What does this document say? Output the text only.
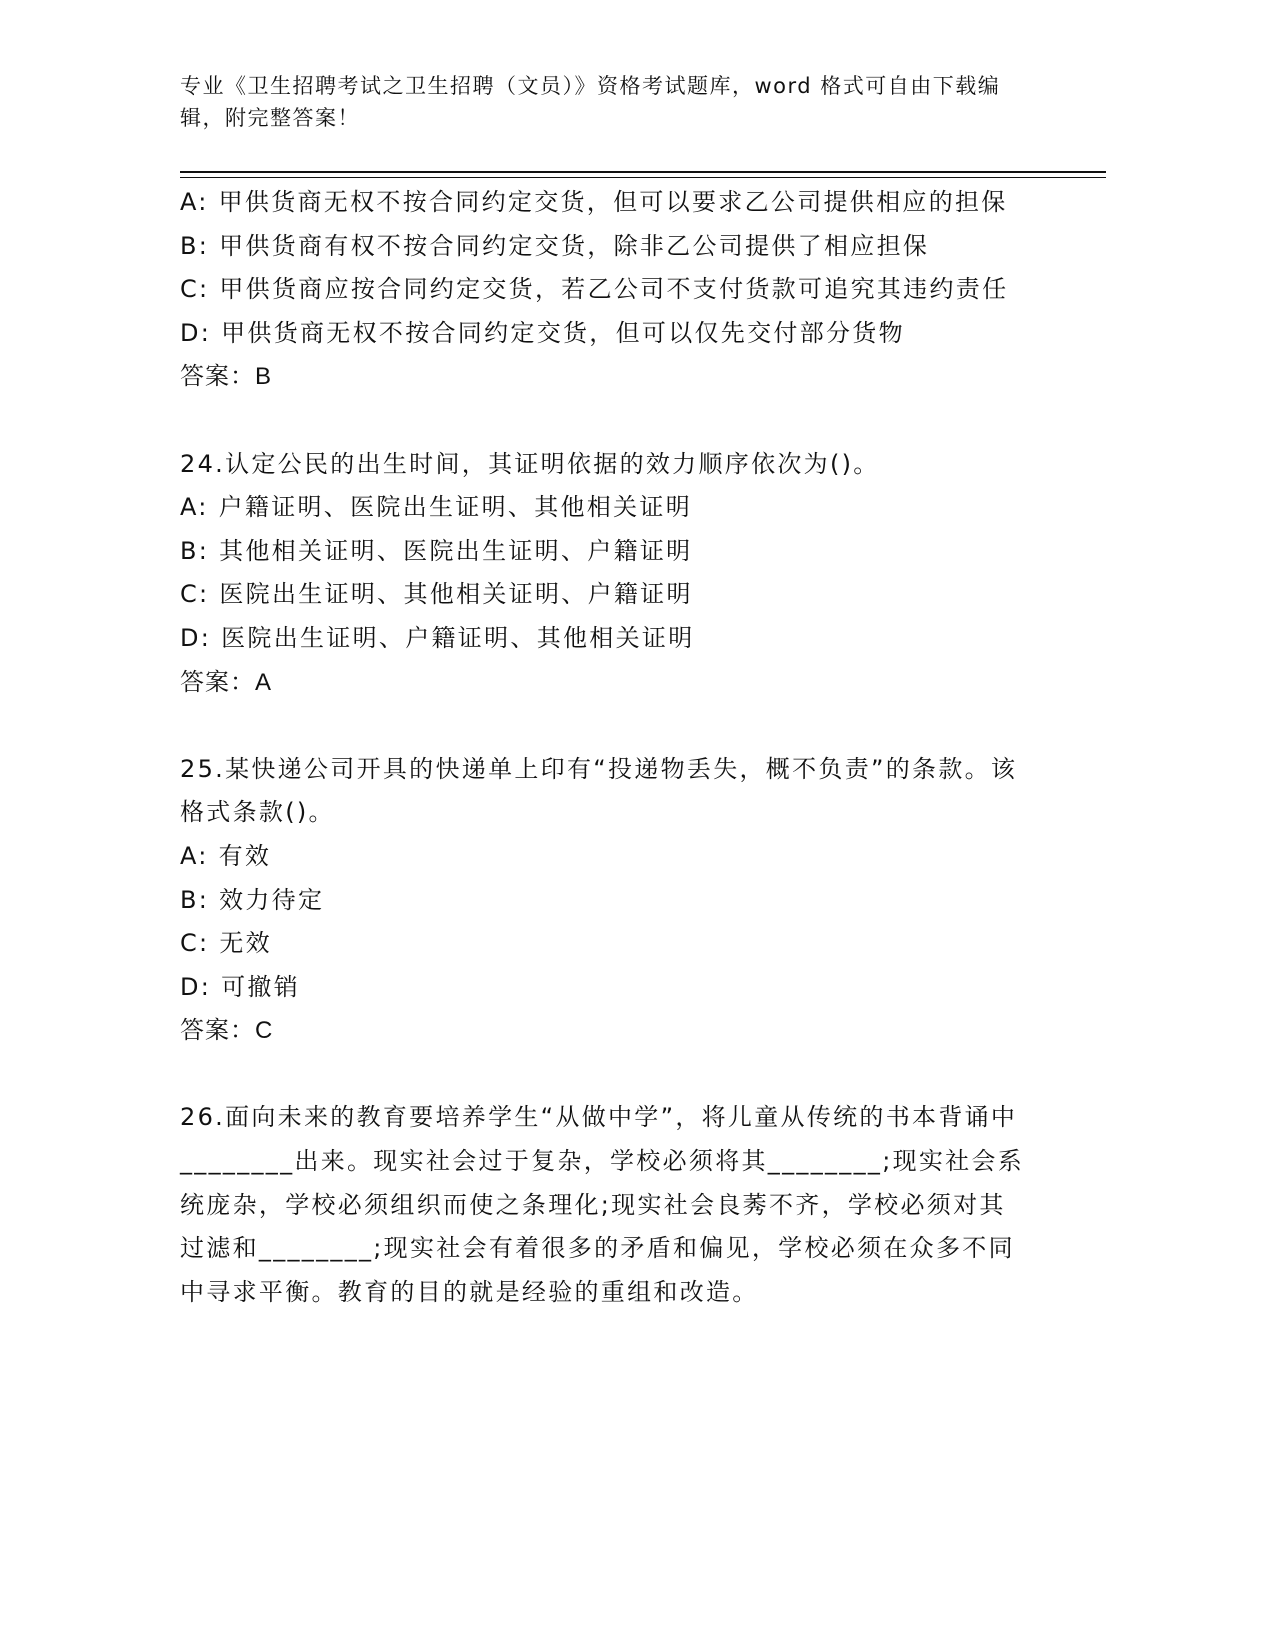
专业《卫生招聘考试之卫生招聘（文员）》资格考试题库，word 格式可自由下载编辑，附完整答案！

A: 甲供货商无权不按合同约定交货，但可以要求乙公司提供相应的担保

B: 甲供货商有权不按合同约定交货，除非乙公司提供了相应担保

C: 甲供货商应按合同约定交货，若乙公司不支付货款可追究其违约责任

D: 甲供货商无权不按合同约定交货，但可以仅先交付部分货物

答案：B

24.认定公民的出生时间，其证明依据的效力顺序依次为()。

A: 户籍证明、医院出生证明、其他相关证明

B: 其他相关证明、医院出生证明、户籍证明

C: 医院出生证明、其他相关证明、户籍证明

D: 医院出生证明、户籍证明、其他相关证明

答案：A

25.某快递公司开具的快递单上印有“投递物丢失，概不负责”的条款。该格式条款()。

A: 有效

B: 效力待定

C: 无效

D: 可撤销

答案：C

26.面向未来的教育要培养学生“从做中学”，将儿童从传统的书本背诵中________出来。现实社会过于复杂，学校必须将其________;现实社会系统庞杂，学校必须组织而使之条理化;现实社会良莠不齐，学校必须对其过滤和________;现实社会有着很多的矛盾和偏见，学校必须在众多不同中寻求平衡。教育的目的就是经验的重组和改造。
